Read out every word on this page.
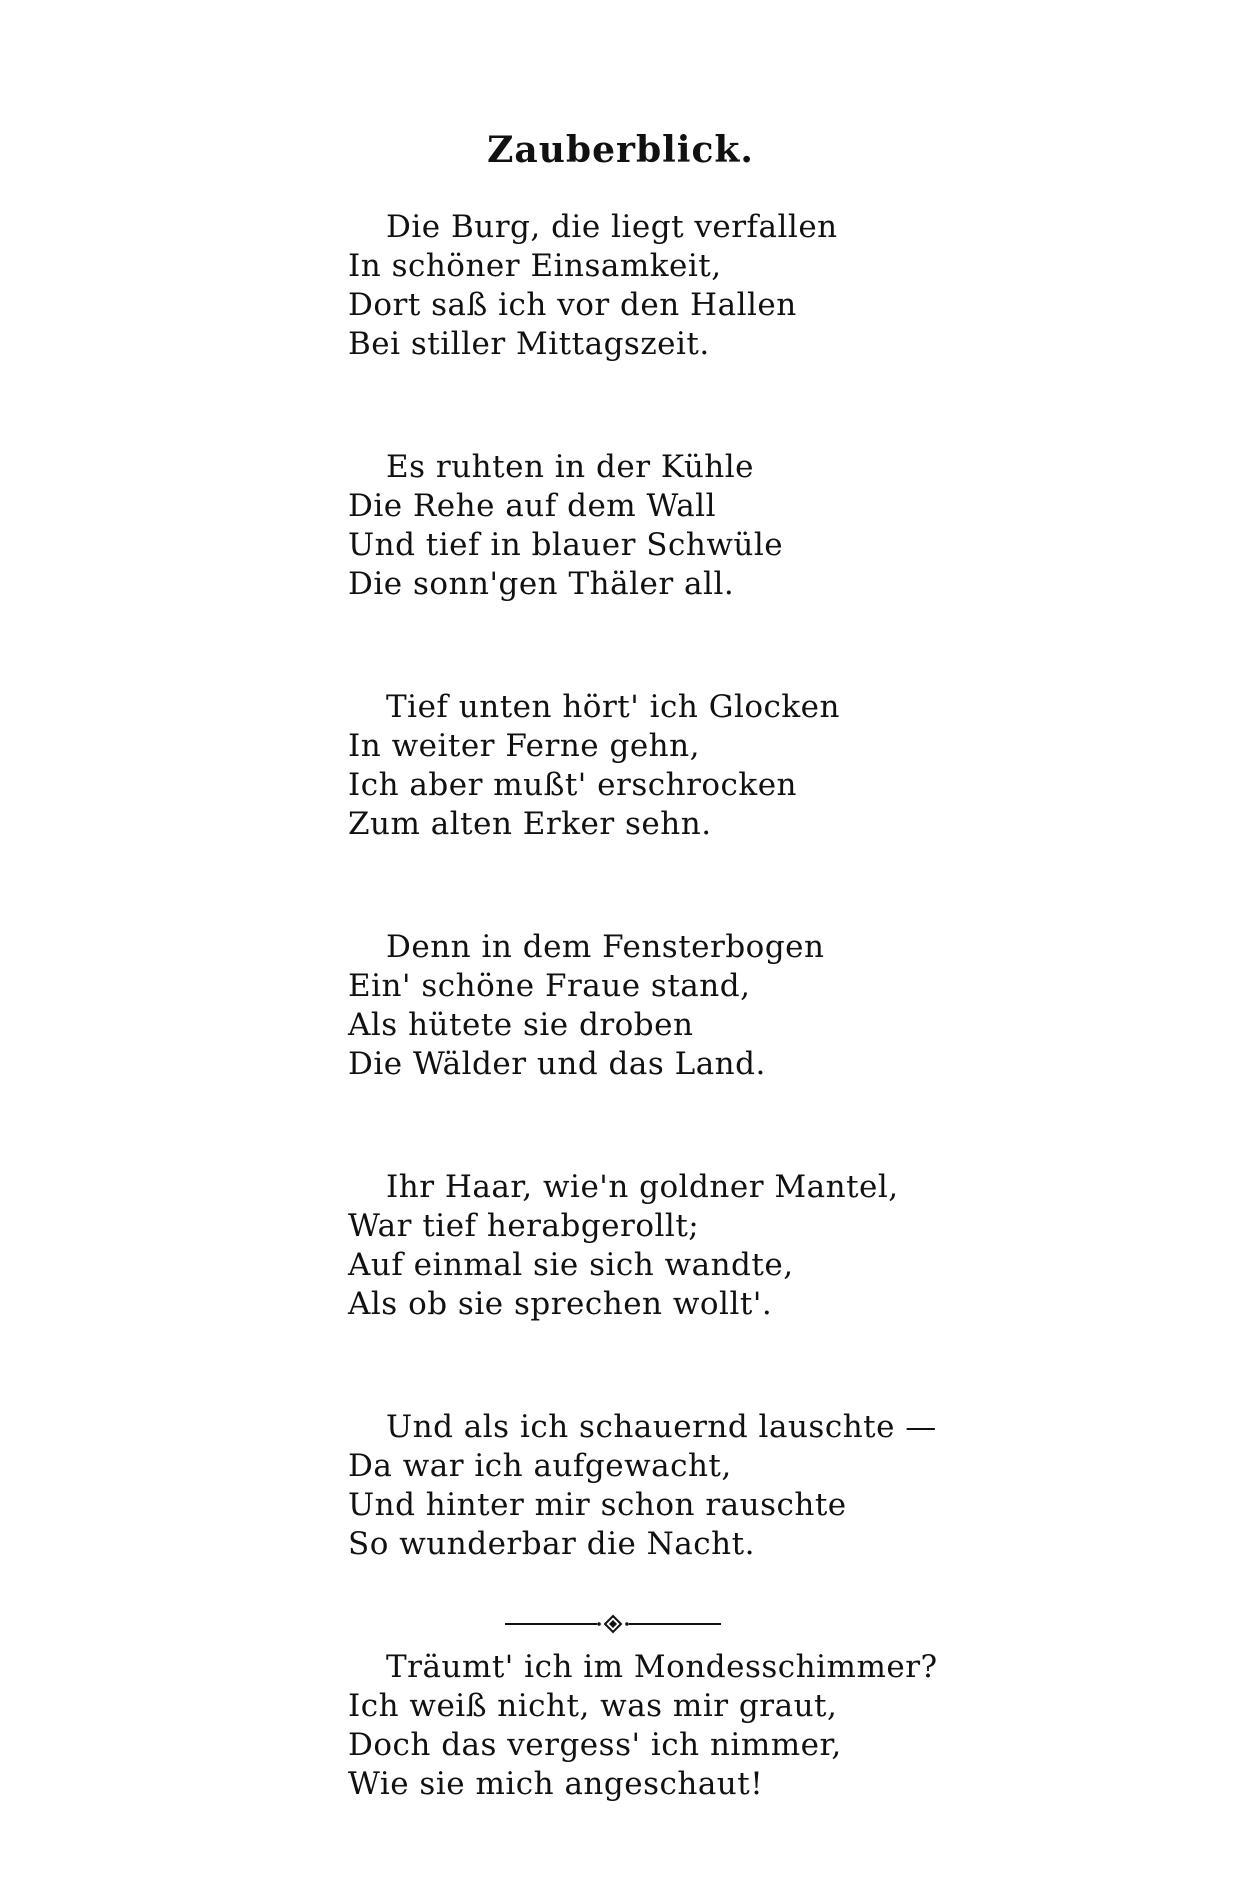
Zauberblick.
Die Burg, die liegt verfallen
In schöner Einsamkeit,
Dort saß ich vor den Hallen
Bei stiller Mittagszeit.
Es ruhten in der Kühle
Die Rehe auf dem Wall
Und tief in blauer Schwüle
Die sonn'gen Thäler all.
Tief unten hört' ich Glocken
In weiter Ferne gehn,
Ich aber mußt' erschrocken
Zum alten Erker sehn.
Denn in dem Fensterbogen
Ein' schöne Fraue stand,
Als hütete sie droben
Die Wälder und das Land.
Ihr Haar, wie'n goldner Mantel,
War tief herabgerollt;
Auf einmal sie sich wandte,
Als ob sie sprechen wollt'.
Und als ich schauernd lauschte —
Da war ich aufgewacht,
Und hinter mir schon rauschte
So wunderbar die Nacht.
Träumt' ich im Mondesschimmer?
Ich weiß nicht, was mir graut,
Doch das vergess' ich nimmer,
Wie sie mich angeschaut!
